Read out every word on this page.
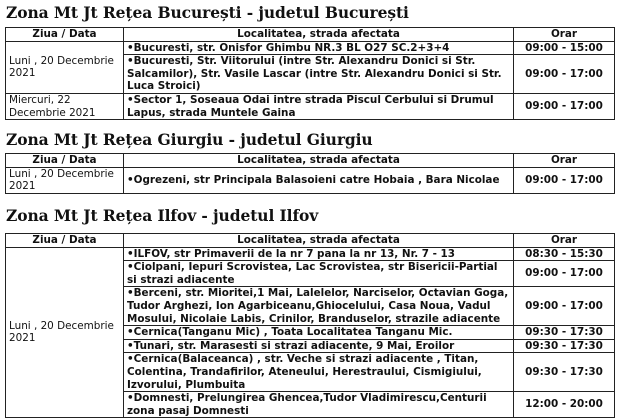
Zona Mt Jt Rețea București - judetul București
Ziua / Data	Localitatea, strada afectata	Orar
Luni , 20 Decembrie 2021	•Bucuresti, str. Onisfor Ghimbu NR.3 BL O27 SC.2+3+4	09:00 - 15:00
	•Bucuresti, Str. Viitorului (intre Str. Alexandru Donici si Str. Salcamilor), Str. Vasile Lascar (intre Str. Alexandru Donici si Str. Luca Stroici)	09:00 - 17:00
Miercuri, 22 Decembrie 2021	•Sector 1, Soseaua Odai intre strada Piscul Cerbului si Drumul Lapus, strada Muntele Gaina	09:00 - 17:00
Zona Mt Jt Rețea Giurgiu - judetul Giurgiu
Ziua / Data	Localitatea, strada afectata	Orar
Luni , 20 Decembrie 2021	•Ogrezeni, str Principala Balasoieni catre Hobaia , Bara Nicolae	09:00 - 17:00
Zona Mt Jt Rețea Ilfov - judetul Ilfov
Ziua / Data	Localitatea, strada afectata	Orar
Luni , 20 Decembrie 2021	•ILFOV, str Primaverii de la nr 7 pana la nr 13, Nr. 7 - 13	08:30 - 15:30
	•Ciolpani, Iepuri Scrovistea, Lac Scrovistea, str Bisericii-Partial si strazi adiacente	09:00 - 17:00
	•Berceni, str. Mioritei,1 Mai, Lalelelor, Narciselor, Octavian Goga, Tudor Arghezi, Ion Agarbiceanu,Ghiocelului, Casa Noua, Vadul Mosului, Nicolaie Labis, Crinilor, Branduselor, strazile adiacente	09:00 - 17:00
	•Cernica(Tanganu Mic) , Toata Localitatea Tanganu Mic.	09:30 - 17:30
	•Tunari, str. Marasesti si strazi adiacente, 9 Mai, Eroilor	09:30 - 17:30
	•Cernica(Balaceanca) , str. Veche si strazi adiacente , Titan, Colentina, Trandafirilor, Ateneului, Herestraului, Cismigiului, Izvorului, Plumbuita	09:30 - 17:30
	•Domnesti, Prelungirea Ghencea,Tudor Vladimirescu,Centurii zona pasaj Domnesti	12:00 - 20:00
